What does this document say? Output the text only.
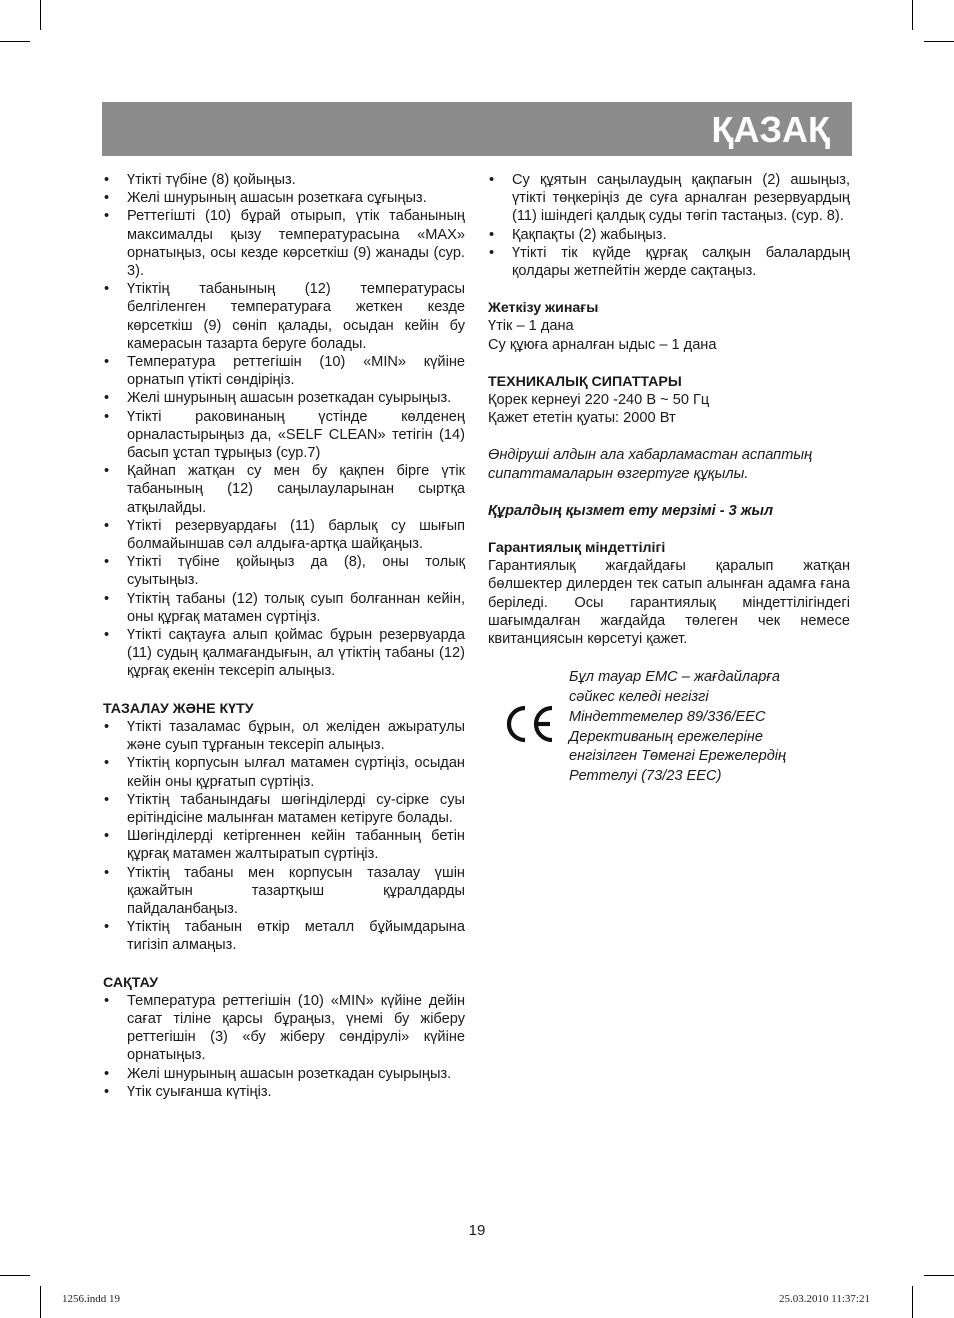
ҚАЗАҚ
• Үтікті түбіне (8) қойыңыз.
• Желі шнурының ашасын розеткаға сұғыңыз.
• Реттегішті (10) бұрай отырып, үтік табанының максималды қызу температурасына «MAX» орнатыңыз, осы кезде көрсеткіш (9) жанады (сур. 3).
• Үтіктің табанының (12) температурасы белгіленген температураға жеткен кезде көрсеткіш (9) сөніп қалады, осыдан кейін бу камерасын тазарта беруге болады.
• Температура реттегішін (10) «MIN» күйіне орнатып үтікті сөндіріңіз.
• Желі шнурының ашасын розеткадан суырыңыз.
• Үтікті раковинаның үстінде көлденең орналастырыңыз да, «SELF CLEAN» тетігін (14) басып ұстап тұрыңыз (сур.7)
• Қайнап жатқан су мен бу қақпен бірге үтік табанының (12) саңылауларынан сыртқа атқылайды.
• Үтікті резервуардағы (11) барлық су шығып болмайыншав сәл алдыға-артқа шайқаңыз.
• Үтікті түбіне қойыңыз да (8), оны толық суытыңыз.
• Үтіктің табаны (12) толық суып болғаннан кейін, оны құрғақ матамен сүртіңіз.
• Үтікті сақтауға алып қоймас бұрын резервуарда (11) судың қалмағандығын, ал үтіктің табаны (12) құрғақ екенін тексеріп алыңыз.

ТАЗАЛАУ ЖӘНЕ КҮТУ

• Үтікті тазаламас бұрын, ол желіден ажыратулы және суып тұрғанын тексеріп алыңыз.
• Үтіктің корпусын ылғал матамен сүртіңіз, осыдан кейін оны құрғатып сүртіңіз.
• Үтіктің табанындағы шөгінділерді су-сірке суы ерітіндісіне малынған матамен кетіруге болады.
• Шөгінділерді кетіргеннен кейін табанның бетін құрғақ матамен жалтыратып сүртіңіз.
• Үтіктің табаны мен корпусын тазалау үшін қажайтын тазартқыш құралдарды пайдаланбаңыз.
• Үтіктің табанын өткір металл бұйымдарына тигізіп алмаңыз.

САҚТАУ

• Температура реттегішін (10) «MIN» күйіне дейін сағат тіліне қарсы бұраңыз, үнемі бу жіберу реттегішін (3) «бу жіберу сөндірулі» күйіне орнатыңыз.
• Желі шнурының ашасын розеткадан суырыңыз.
• Үтік суығанша күтіңіз.
• Су құятын саңылаудың қақпағын (2) ашыңыз, үтікті төңкеріңіз де суға арналған резервуардың (11) ішіндегі қалдық суды төгіп тастаңыз. (сур. 8).
• Қақпақты (2) жабыңыз.
• Үтікті тік күйде құрғақ салқын балалардың қолдары жетпейтін жерде сақтаңыз.

Жеткізу жинағы

Үтік – 1 дана

Су құюға арналған ыдыс – 1 дана

ТЕХНИКАЛЫҚ СИПАТТАРЫ

Қорек кернеуі 220 -240 В ~ 50 Гц

Қажет ететін қуаты: 2000 Вт

Өндіруші алдын ала хабарламастан аспаптың сипаттамаларын өзгертуге құқылы.

Құралдың қызмет ету мерзімі - 3 жыл

Гарантиялық міндеттілігі

Гарантиялық жағдайдағы қаралып жатқан бөлшектер дилерден тек сатып алынған адамға ғана беріледі. Осы гарантиялық міндеттілігіндегі шағымдалған жағдайда төлеген чек немесе квитанциясын көрсетуі қажет.

Бұл тауар EMC – жағдайларға
сәйкес келеді негізгі
Міндеттемелер 89/336/EEC
Дерективаның ережелеріне
енгізілген Төменгі Ережелердің
Реттелуі (73/23 EEC)
19
1256.indd 19	25.03.2010 11:37:21
